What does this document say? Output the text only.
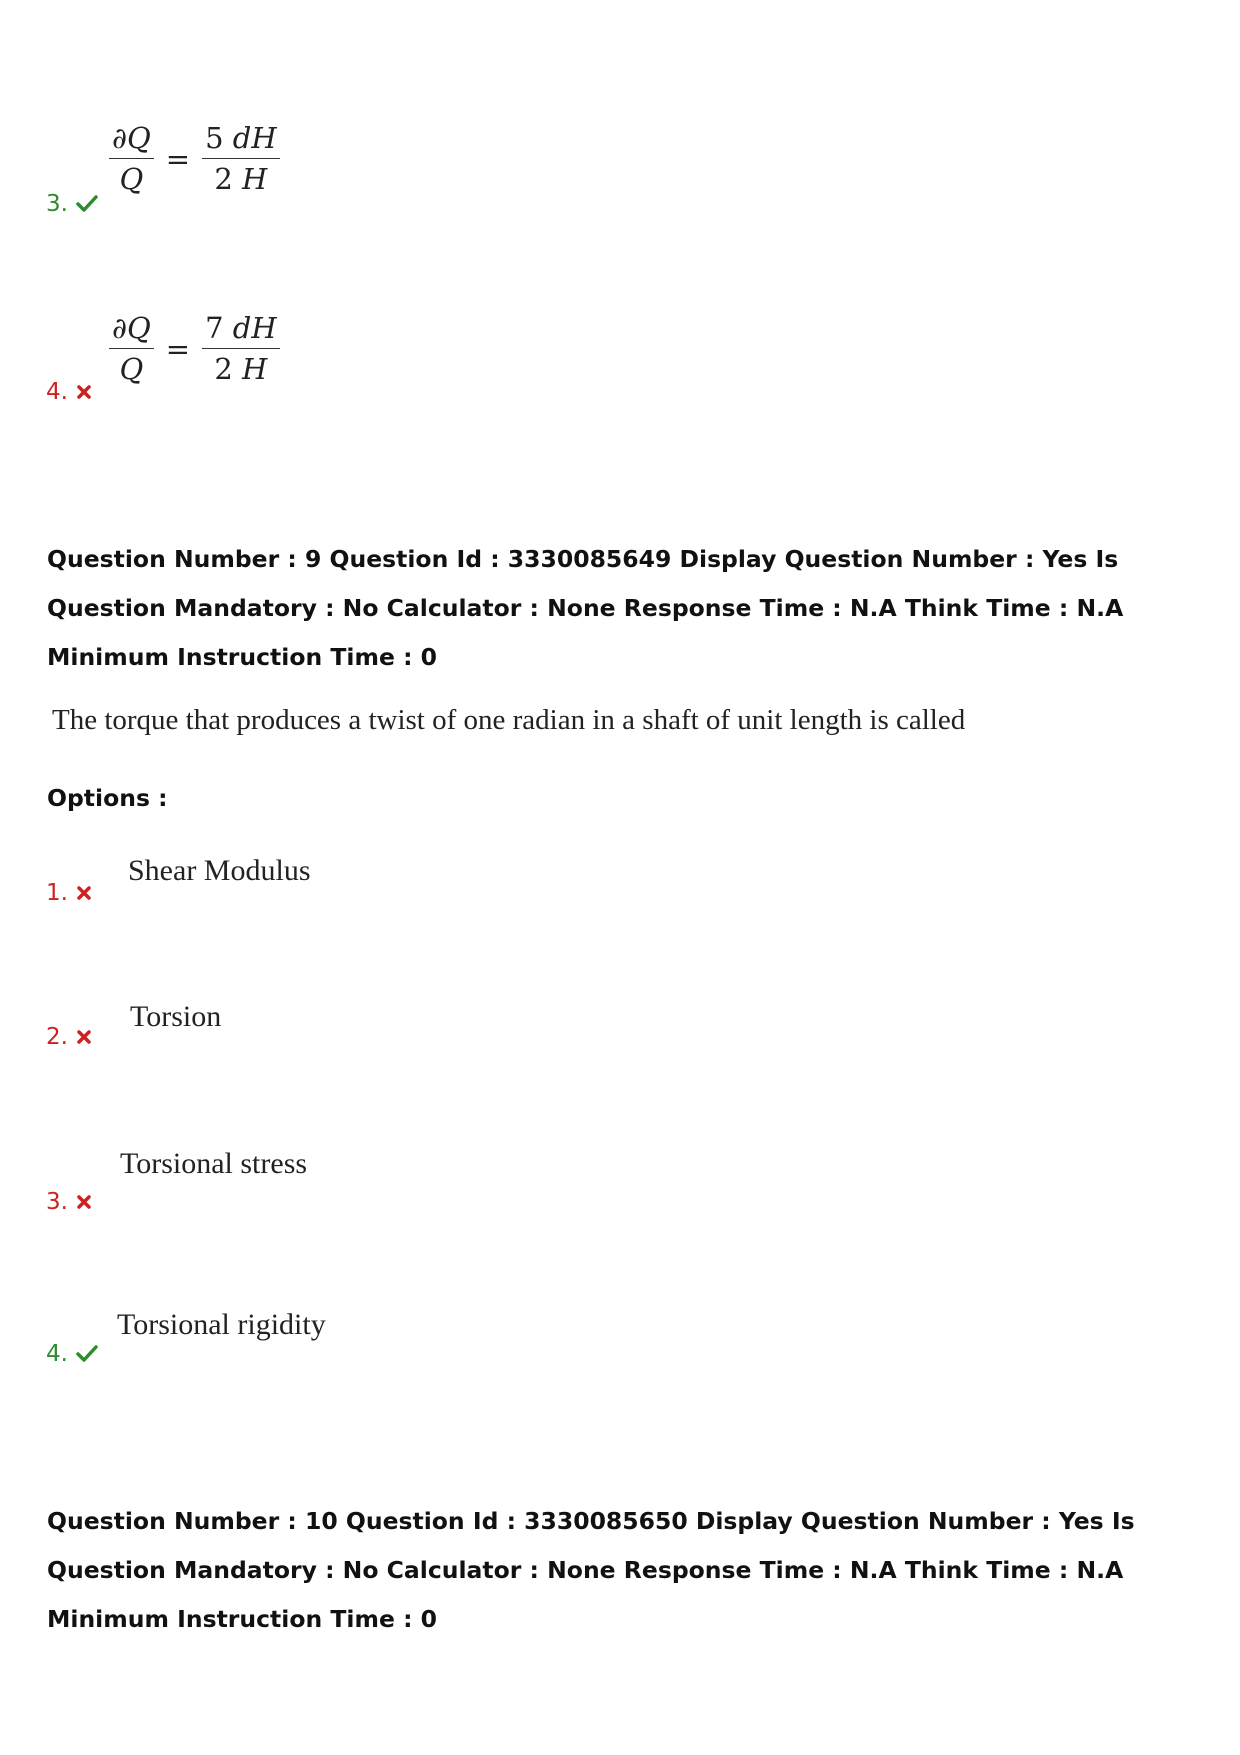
$\frac{\partial Q}{Q} = \frac{5 dH}{2 H}$
3.
$\frac{\partial Q}{Q} = \frac{7 dH}{2 H}$
4.
Question Number : 9 Question Id : 3330085649 Display Question Number : Yes Is Question Mandatory : No Calculator : None Response Time : N.A Think Time : N.A Minimum Instruction Time : 0
The torque that produces a twist of one radian in a shaft of unit length is called
Options :
Shear Modulus
1.
Torsion
2.
Torsional stress
3.
Torsional rigidity
4.
Question Number : 10 Question Id : 3330085650 Display Question Number : Yes Is Question Mandatory : No Calculator : None Response Time : N.A Think Time : N.A Minimum Instruction Time : 0
